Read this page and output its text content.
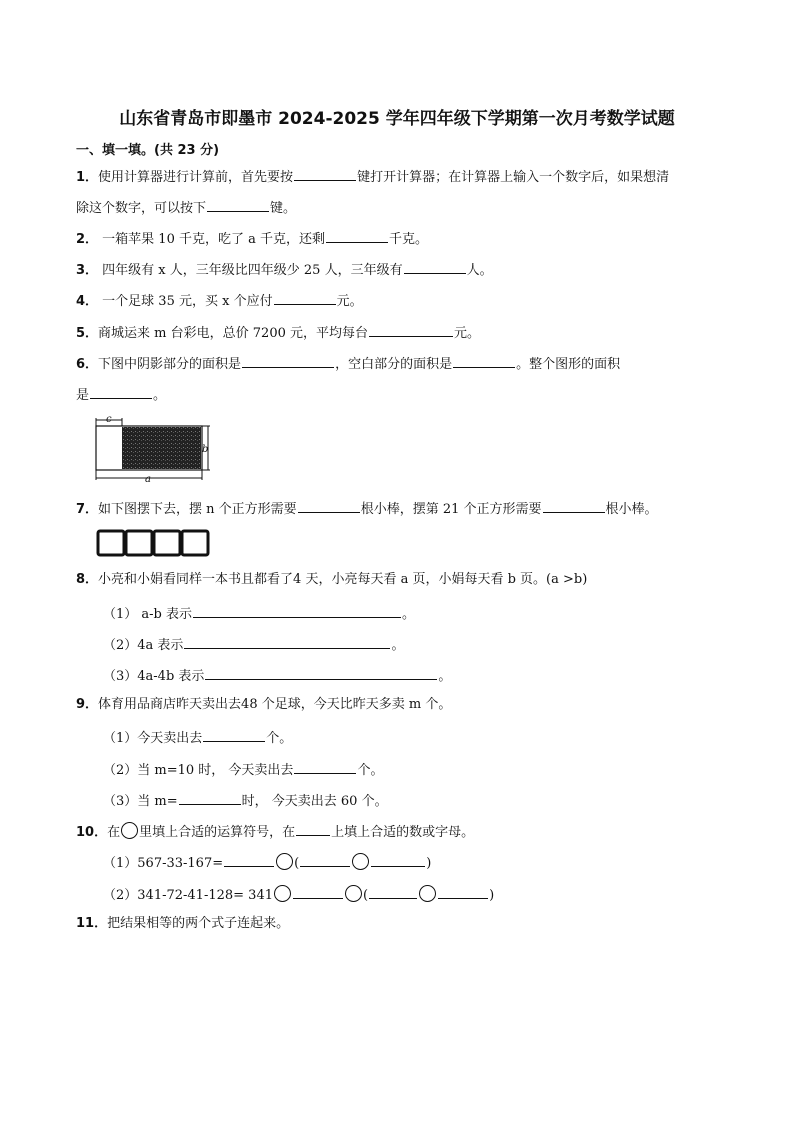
山东省青岛市即墨市 2024-2025 学年四年级下学期第一次月考数学试题
一、填一填。(共 23 分)
1．使用计算器进行计算前，首先要按	键打开计算器；在计算器上输入一个数字后，如果想清
除这个数字，可以按下	键。
2． 一箱苹果 10 千克，吃了 a 千克，还剩	千克。
3． 四年级有 x 人，三年级比四年级少 25 人，三年级有	人。
4． 一个足球 35 元，买 x 个应付	元。
5．商城运来 m 台彩电，总价 7200 元，平均每台	元。
6．下图中阴影部分的面积是	，空白部分的面积是	。整个图形的面积
是	。
c
b
a
7．如下图摆下去，摆 n 个正方形需要	根小棒，摆第 21 个正方形需要	根小棒。
8．小亮和小娟看同样一本书且都看了4 天，小亮每天看 a 页，小娟每天看 b 页。(a >b)
（1） a-b 表示	。
（2）4a 表示	。
（3）4a-4b 表示	。
9．体育用品商店昨天卖出去48 个足球，今天比昨天多卖 m 个。
（1）今天卖出去	个。
（2）当 m=10 时， 今天卖出去	个。
（3）当 m=	时， 今天卖出去 60 个。
10．在 里填上合适的运算符号，在	上填上合适的数或字母。
（1）567-33-167=	(	)
（2）341-72-41-128= 341	(	)
11．把结果相等的两个式子连起来。
